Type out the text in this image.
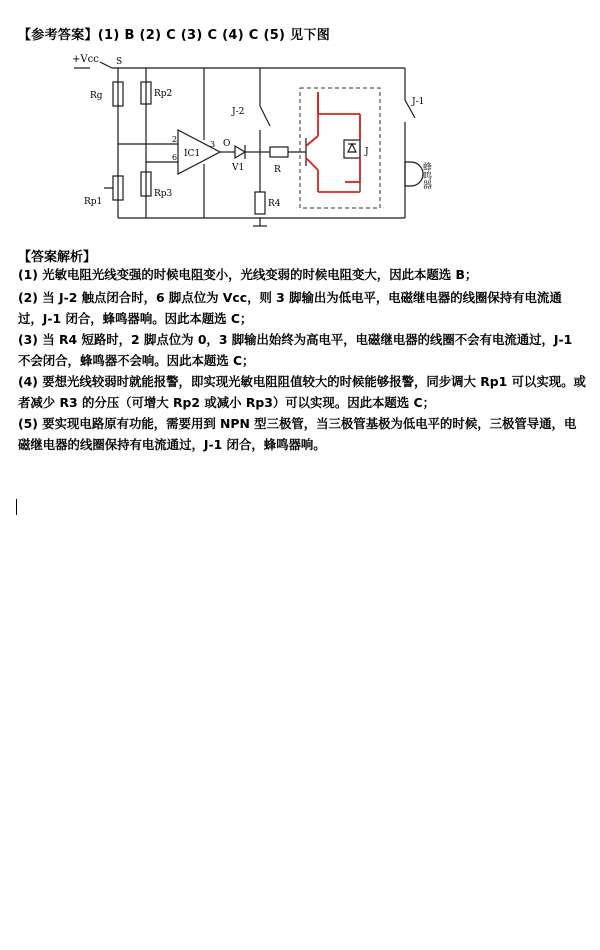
【参考答案】(1) B (2) C (3) C (4) C (5) 见下图
+Vcc S
Rg	Rp2
Rp1
Rp3
IC1
2
6
3 O
V1
J-2
R
R4
J
J-1
蜂鸣器
【答案解析】
(1) 光敏电阻光线变强的时候电阻变小，光线变弱的时候电阻变大，因此本题选 B；
(2) 当 J-2 触点闭合时，6 脚点位为 Vcc，则 3 脚输出为低电平，电磁继电器的线圈保持有电流通过，J-1 闭合，蜂鸣器响。因此本题选 C；
(3) 当 R4 短路时，2 脚点位为 0，3 脚输出始终为高电平，电磁继电器的线圈不会有电流通过，J-1 不会闭合，蜂鸣器不会响。因此本题选 C；
(4) 要想光线较弱时就能报警，即实现光敏电阻阻值较大的时候能够报警，同步调大 Rp1 可以实现。或者减少 R3 的分压（可增大 Rp2 或减小 Rp3）可以实现。因此本题选 C；
(5) 要实现电路原有功能，需要用到 NPN 型三极管，当三极管基极为低电平的时候，三极管导通，电磁继电器的线圈保持有电流通过，J-1 闭合，蜂鸣器响。
